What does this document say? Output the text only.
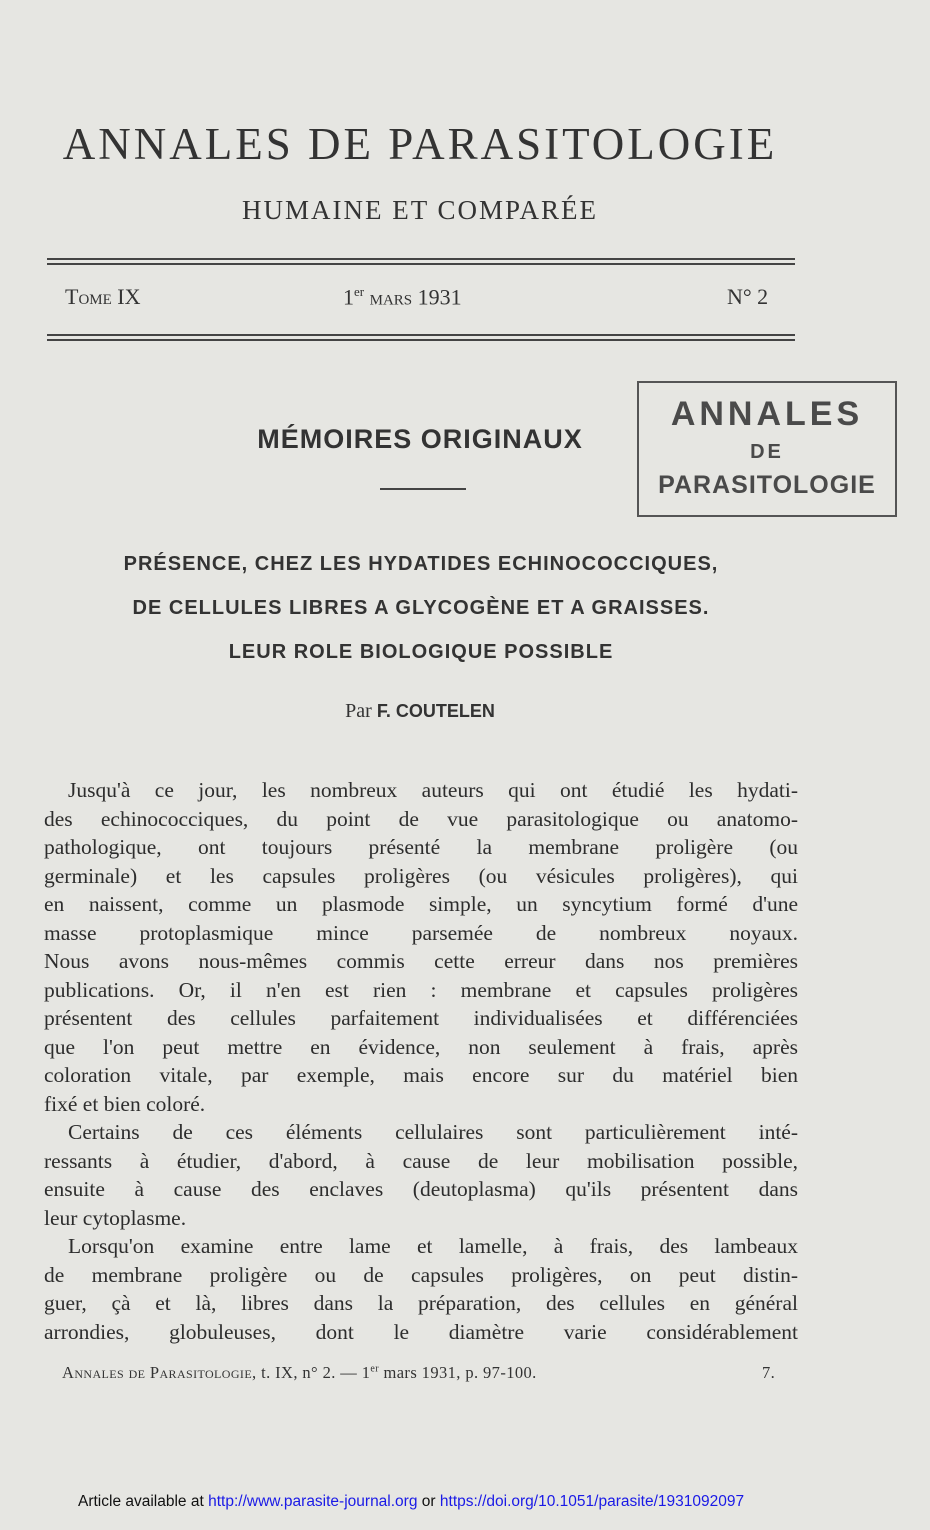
ANNALES DE PARASITOLOGIE
HUMAINE ET COMPARÉE
Tome IX	1er mars 1931	N° 2
MÉMOIRES ORIGINAUX
ANNALES
DE
PARASITOLOGIE
PRÉSENCE, CHEZ LES HYDATIDES ECHINOCOCCIQUES,
DE CELLULES LIBRES A GLYCOGÈNE ET A GRAISSES.
LEUR ROLE BIOLOGIQUE POSSIBLE
Par F. COUTELEN
Jusqu'à ce jour, les nombreux auteurs qui ont étudié les hydati-
des echinococciques, du point de vue parasitologique ou anatomo-
pathologique, ont toujours présenté la membrane proligère (ou
germinale) et les capsules proligères (ou vésicules proligères), qui
en naissent, comme un plasmode simple, un syncytium formé d'une
masse protoplasmique mince parsemée de nombreux noyaux.
Nous avons nous-mêmes commis cette erreur dans nos premières
publications. Or, il n'en est rien : membrane et capsules proligères
présentent des cellules parfaitement individualisées et différenciées
que l'on peut mettre en évidence, non seulement à frais, après
coloration vitale, par exemple, mais encore sur du matériel bien
fixé et bien coloré.
Certains de ces éléments cellulaires sont particulièrement inté-
ressants à étudier, d'abord, à cause de leur mobilisation possible,
ensuite à cause des enclaves (deutoplasma) qu'ils présentent dans
leur cytoplasme.
Lorsqu'on examine entre lame et lamelle, à frais, des lambeaux
de membrane proligère ou de capsules proligères, on peut distin-
guer, çà et là, libres dans la préparation, des cellules en général
arrondies, globuleuses, dont le diamètre varie considérablement
Annales de Parasitologie, t. IX, n° 2. — 1er mars 1931, p. 97-100.	7.
Article available at http://www.parasite-journal.org or https://doi.org/10.1051/parasite/1931092097
